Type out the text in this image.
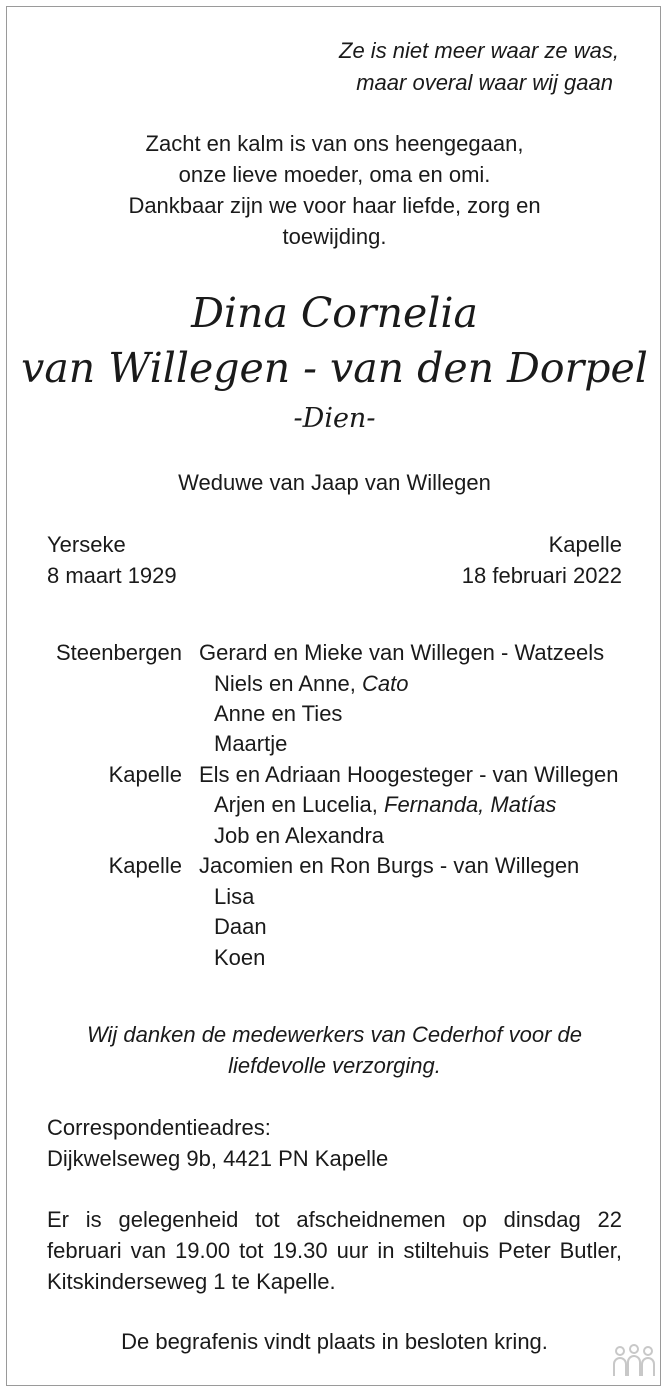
Ze is niet meer waar ze was,
maar overal waar wij gaan
Zacht en kalm is van ons heengegaan,
onze lieve moeder, oma en omi.
Dankbaar zijn we voor haar liefde, zorg en
toewijding.
Dina Cornelia
van Willegen - van den Dorpel
-Dien-
Weduwe van Jaap van Willegen
Yerseke
8 maart 1929
Kapelle
18 februari 2022
Steenbergen Gerard en Mieke van Willegen - Watzeels
Niels en Anne, Cato
Anne en Ties
Maartje
Kapelle Els en Adriaan Hoogesteger - van Willegen
Arjen en Lucelia, Fernanda, Matías
Job en Alexandra
Kapelle Jacomien en Ron Burgs - van Willegen
Lisa
Daan
Koen
Wij danken de medewerkers van Cederhof voor de
liefdevolle verzorging.
Correspondentieadres:
Dijkwelseweg 9b, 4421 PN Kapelle
Er is gelegenheid tot afscheidnemen op dinsdag 22 februari van 19.00 tot 19.30 uur in stiltehuis Peter Butler, Kitskinderseweg 1 te Kapelle.
De begrafenis vindt plaats in besloten kring.
